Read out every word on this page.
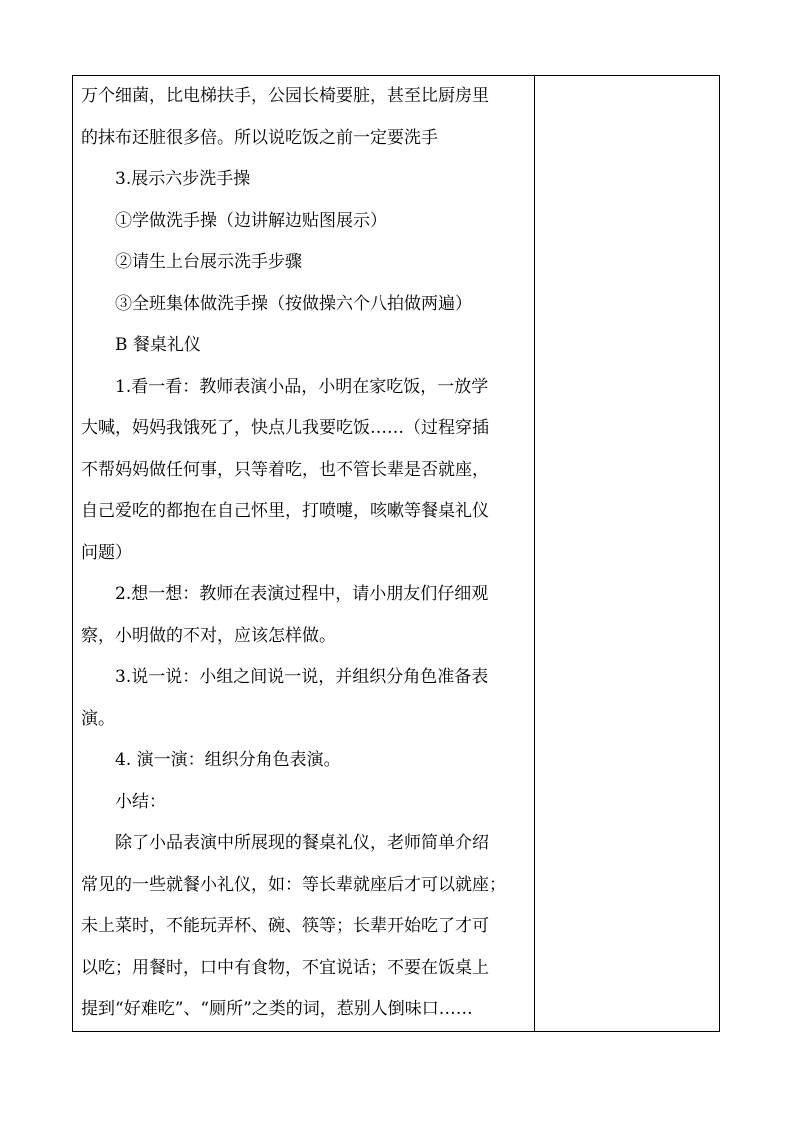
万个细菌，比电梯扶手，公园长椅要脏，甚至比厨房里
的抹布还脏很多倍。所以说吃饭之前一定要洗手
3.展示六步洗手操
①学做洗手操（边讲解边贴图展示）
②请生上台展示洗手步骤
③全班集体做洗手操（按做操六个八拍做两遍）
B 餐桌礼仪
1.看一看：教师表演小品，小明在家吃饭，一放学
大喊，妈妈我饿死了，快点儿我要吃饭……（过程穿插
不帮妈妈做任何事，只等着吃，也不管长辈是否就座，
自己爱吃的都抱在自己怀里，打喷嚏，咳嗽等餐桌礼仪
问题）
2.想一想：教师在表演过程中，请小朋友们仔细观
察，小明做的不对，应该怎样做。
3.说一说：小组之间说一说，并组织分角色准备表
演。
4. 演一演：组织分角色表演。
小结：
除了小品表演中所展现的餐桌礼仪，老师简单介绍
常见的一些就餐小礼仪，如：等长辈就座后才可以就座；
未上菜时，不能玩弄杯、碗、筷等；长辈开始吃了才可
以吃；用餐时，口中有食物，不宜说话；不要在饭桌上
提到“好难吃”、“厕所”之类的词，惹别人倒味口……
